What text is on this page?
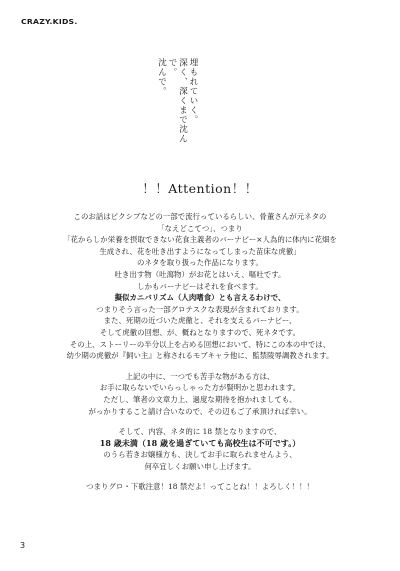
CRAZY.KIDS.
埋もれていく。
深く、深くまで沈んで。
沈んで。
！！Attention！！
このお話はピクシブなどの一部で流行っているらしい、骨董さんが元ネタの
「なえどこてつ」、つまり
「花からしか栄養を摂取できない花食主義者のバーナビー×人為的に体内に花畑を
生成され、花を吐き出すようになってしまった苗床な虎徹」
のネタを取り扱った作品になります。
吐き出す物（吐瀉物）がお花とはいえ、嘔吐です。
しかもバーナビーはそれを食べます。
擬似カニバリズム（人肉嗜食）とも言えるわけで、
つまりそう言った一部グロテスクな表現が含まれております。
また、死期の近づいた虎徹と、それを支えるバーナビー、
そして虎徹の回想、が、概ねとなりますので、死ネタです。
その上、ストーリーの半分以上を占める回想において、特にこの本の中では、
幼少期の虎徹が『飼い主』と称されるモブキャラ他に、監禁陵辱調教されます。
上記の中に、一つでも苦手な物がある方は、
お手に取らないでいらっしゃった方が賢明かと思われます。
ただし、筆者の文章力上、過度な期待を抱かれましても、
がっかりすること請け合いなので、その辺もご了承頂ければ幸い。
そして、内容、ネタ的に 18 禁となりますので、
18 歳未満（18 歳を過ぎていても高校生は不可です。）
のうら若きお嬢様方も、決してお手に取られませんよう、
何卒宜しくお願い申し上げます。
つまりグロ・下歌注意！18 禁だよ！ってことね！！よろしく！！！
3
